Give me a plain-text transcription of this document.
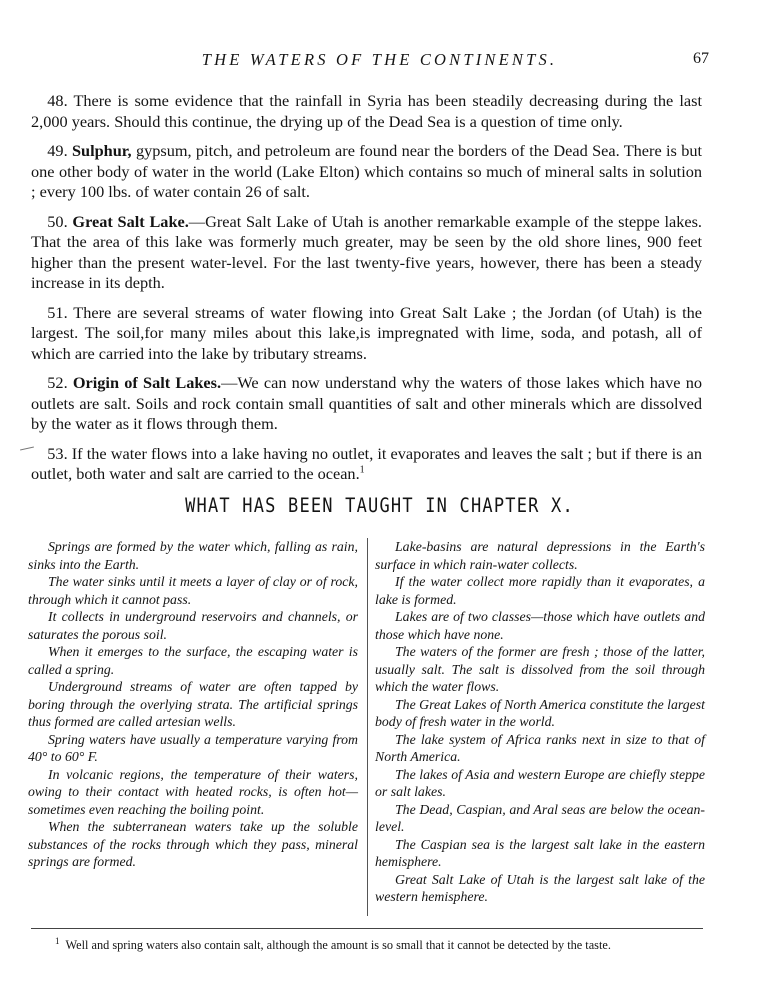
THE WATERS OF THE CONTINENTS.	67

 48. There is some evidence that the rainfall in Syria has been steadily decreasing during the last 2,000 years. Should this continue, the drying up of the Dead Sea is a question of time only.

 49. Sulphur, gypsum, pitch, and petroleum are found near the borders of the Dead Sea. There is but one other body of water in the world (Lake Elton) which contains so much of mineral salts in solution ; every 100 lbs. of water contain 26 of salt.

 50. Great Salt Lake.—Great Salt Lake of Utah is another remarkable example of the steppe lakes. That the area of this lake was formerly much greater, may be seen by the old shore lines, 900 feet higher than the present water-level. For the last twenty-five years, however, there has been a steady increase in its depth.

 51. There are several streams of water flowing into Great Salt Lake ; the Jordan (of Utah) is the largest. The soil,for many miles about this lake,is impregnated with lime, soda, and potash, all of which are carried into the lake by tributary streams.

 52. Origin of Salt Lakes.—We can now understand why the waters of those lakes which have no outlets are salt. Soils and rock contain small quantities of salt and other minerals which are dissolved by the water as it flows through them.

 53. If the water flows into a lake having no outlet, it evaporates and leaves the salt ; but if there is an outlet, both water and salt are carried to the ocean.$^1$

WHAT HAS BEEN TAUGHT IN CHAPTER X.

Springs are formed by the water which, falling as rain, sinks into the Earth.

The water sinks until it meets a layer of clay or of rock, through which it cannot pass.

It collects in underground reservoirs and channels, or saturates the porous soil.

When it emerges to the surface, the escaping water is called a spring.

Underground streams of water are often tapped by boring through the overlying strata. The artificial springs thus formed are called artesian wells.

Spring waters have usually a temperature varying from 40° to 60° F.

In volcanic regions, the temperature of their waters, owing to their contact with heated rocks, is often hot—sometimes even reaching the boiling point.

When the subterranean waters take up the soluble substances of the rocks through which they pass, mineral springs are formed.

Lake-basins are natural depressions in the Earth's surface in which rain-water collects.

If the water collect more rapidly than it evaporates, a lake is formed.

Lakes are of two classes—those which have outlets and those which have none.

The waters of the former are fresh ; those of the latter, usually salt. The salt is dissolved from the soil through which the water flows.

The Great Lakes of North America constitute the largest body of fresh water in the world.

The lake system of Africa ranks next in size to that of North America.

The lakes of Asia and western Europe are chiefly steppe or salt lakes.

The Dead, Caspian, and Aral seas are below the ocean-level.

The Caspian sea is the largest salt lake in the eastern hemisphere.

Great Salt Lake of Utah is the largest salt lake of the western hemisphere.

$^1$ Well and spring waters also contain salt, although the amount is so small that it cannot be detected by the taste.
